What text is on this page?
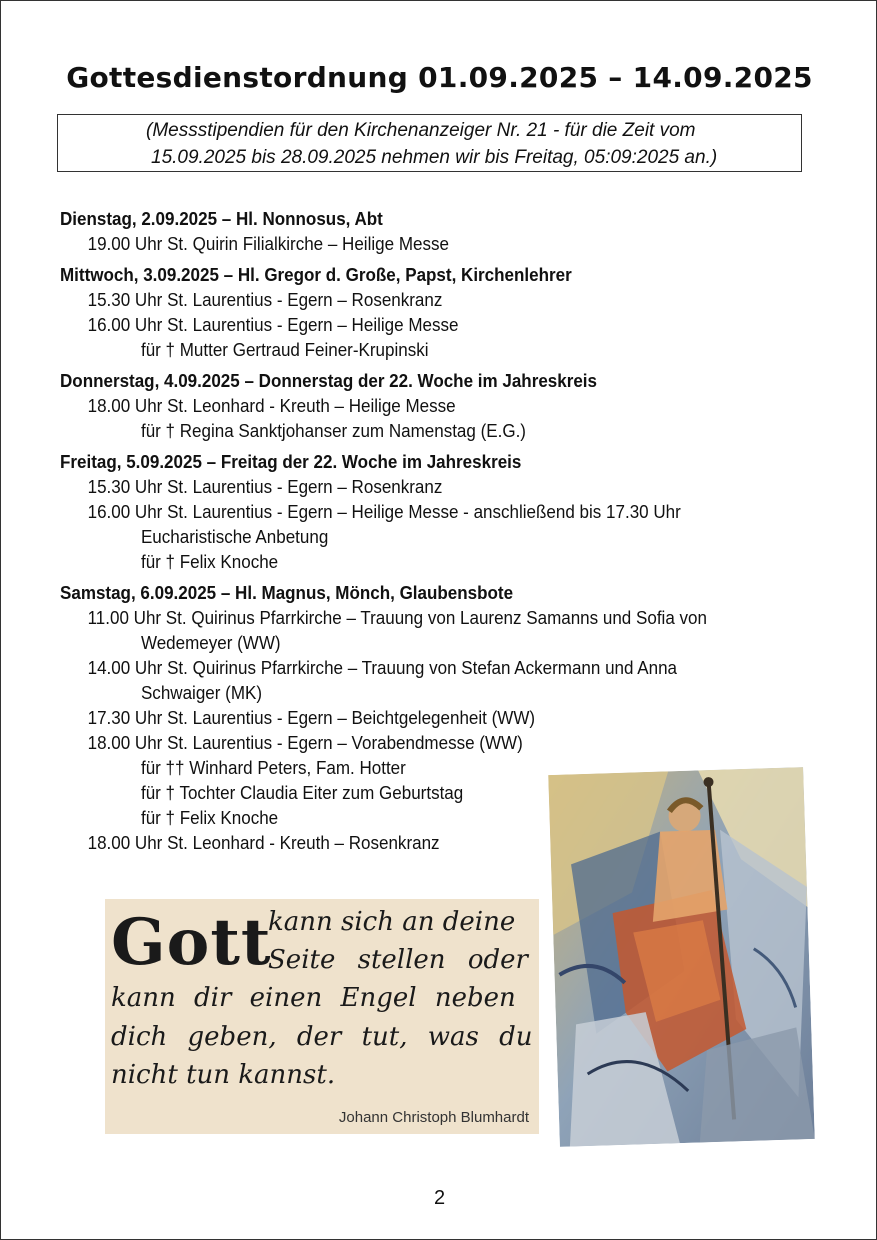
Gottesdienstordnung 01.09.2025 – 14.09.2025
(Messstipendien für den Kirchenanzeiger Nr. 21 - für die Zeit vom
15.09.2025 bis 28.09.2025 nehmen wir bis Freitag, 05:09:2025 an.)
Dienstag, 2.09.2025 – Hl. Nonnosus, Abt
19.00 Uhr St. Quirin Filialkirche – Heilige Messe
Mittwoch, 3.09.2025 – Hl. Gregor d. Große, Papst, Kirchenlehrer
15.30 Uhr St. Laurentius - Egern – Rosenkranz
16.00 Uhr St. Laurentius - Egern – Heilige Messe
für † Mutter Gertraud Feiner-Krupinski
Donnerstag, 4.09.2025 – Donnerstag der 22. Woche im Jahreskreis
18.00 Uhr St. Leonhard - Kreuth – Heilige Messe
für † Regina Sanktjohanser zum Namenstag (E.G.)
Freitag, 5.09.2025 – Freitag der 22. Woche im Jahreskreis
15.30 Uhr St. Laurentius - Egern – Rosenkranz
16.00 Uhr St. Laurentius - Egern – Heilige Messe - anschließend bis 17.30 Uhr
Eucharistische Anbetung
für † Felix Knoche
Samstag, 6.09.2025 – Hl. Magnus, Mönch, Glaubensbote
11.00 Uhr St. Quirinus Pfarrkirche – Trauung von Laurenz Samanns und Sofia von
Wedemeyer (WW)
14.00 Uhr St. Quirinus Pfarrkirche – Trauung von Stefan Ackermann und Anna
Schwaiger (MK)
17.30 Uhr St. Laurentius - Egern – Beichtgelegenheit (WW)
18.00 Uhr St. Laurentius - Egern – Vorabendmesse (WW)
für †† Winhard Peters, Fam. Hotter
für † Tochter Claudia Eiter zum Geburtstag
für † Felix Knoche
18.00 Uhr St. Leonhard - Kreuth – Rosenkranz
Gott
kann sich an deine
Seite stellen oder
kann dir einen Engel neben
dich geben, der tut, was du
nicht tun kannst.
Johann Christoph Blumhardt
2
